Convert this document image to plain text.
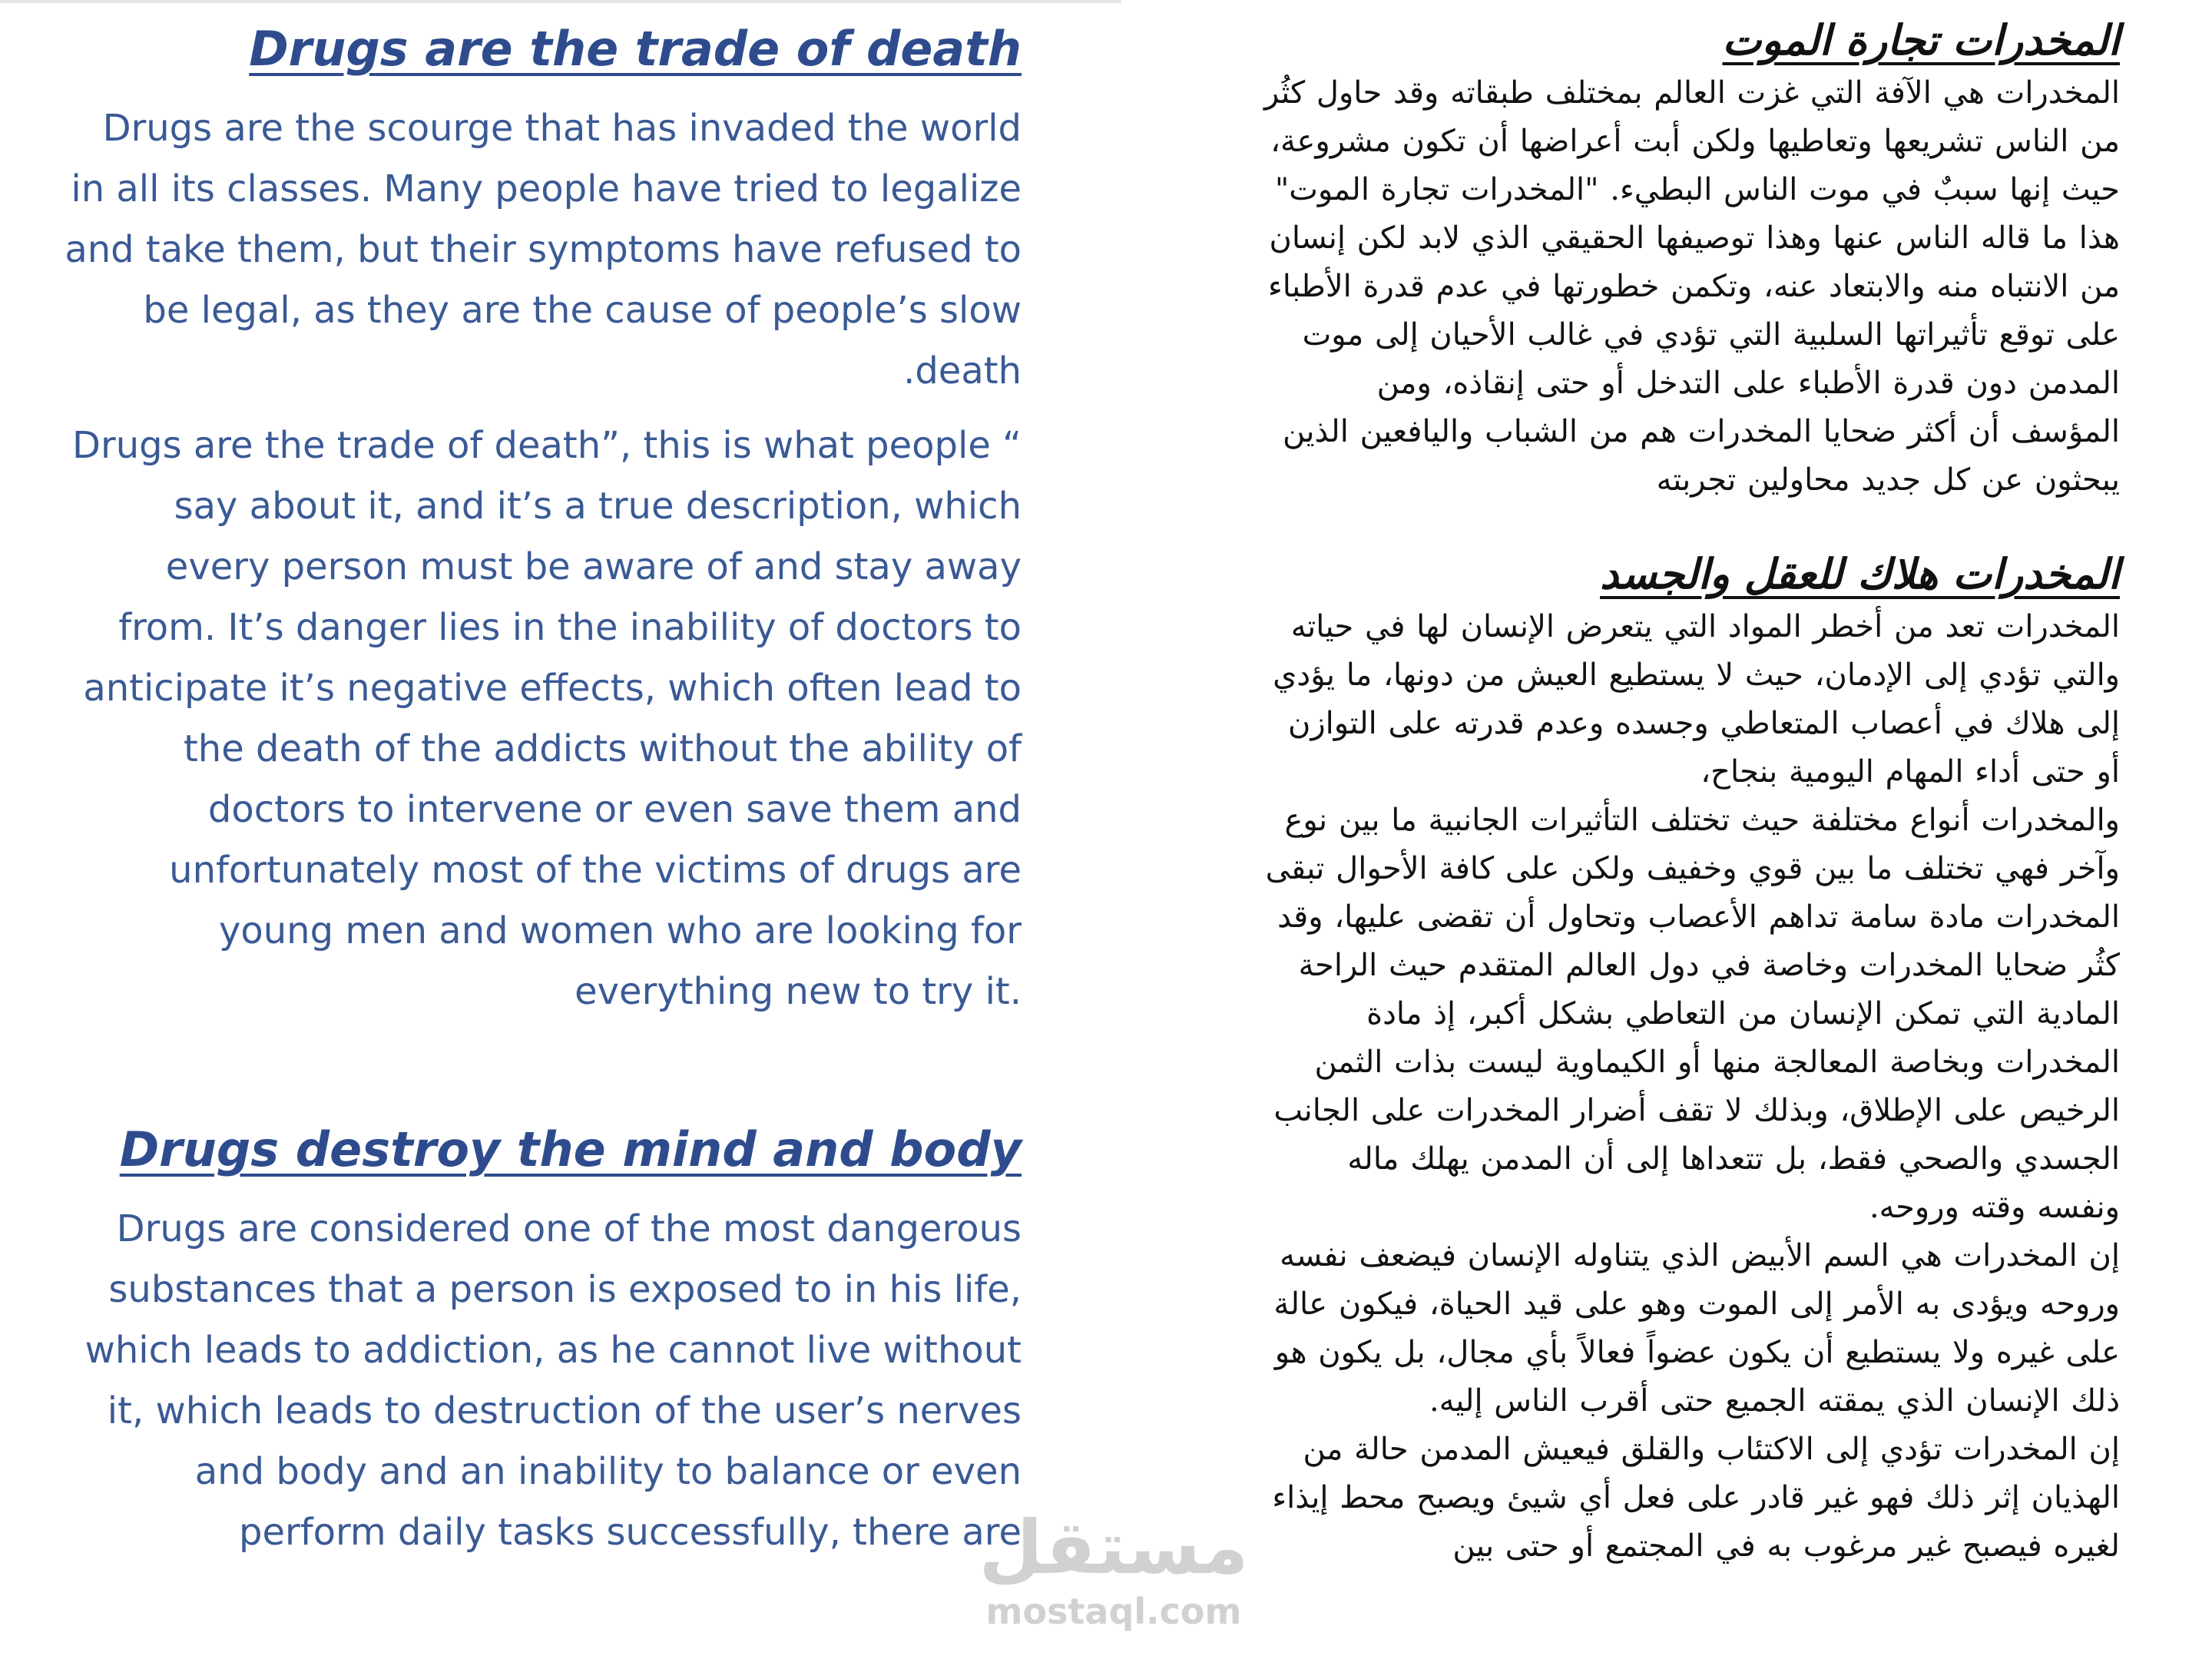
Drugs are the trade of death

Drugs are the scourge that has invaded the world in all its classes. Many people have tried to legalize and take them, but their symptoms have refused to be legal, as they are the cause of people’s slow .death

Drugs are the trade of death”, this is what people “ say about it, and it’s a true description, which every person must be aware of and stay away from. It’s danger lies in the inability of doctors to anticipate it’s negative effects, which often lead to the death of the addicts without the ability of doctors to intervene or even save them and unfortunately most of the victims of drugs are young men and women who are looking for everything new to try it.

Drugs destroy the mind and body

Drugs are considered one of the most dangerous substances that a person is exposed to in his life, which leads to addiction, as he cannot live without it, which leads to destruction of the user’s nerves and body and an inability to balance or even perform daily tasks successfully, there are

المخدرات تجارة الموت

المخدرات هي الآفة التي غزت العالم بمختلف طبقاته وقد حاول كثُر من الناس تشريعها وتعاطيها ولكن أبت أعراضها أن تكون مشروعة، حيث إنها سببٌ في موت الناس البطيء. "المخدرات تجارة الموت" هذا ما قاله الناس عنها وهذا توصيفها الحقيقي الذي لابد لكن إنسان من الانتباه منه والابتعاد عنه، وتكمن خطورتها في عدم قدرة الأطباء على توقع تأثيراتها السلبية التي تؤدي في غالب الأحيان إلى موت المدمن دون قدرة الأطباء على التدخل أو حتى إنقاذه، ومن المؤسف أن أكثر ضحايا المخدرات هم من الشباب واليافعين الذين يبحثون عن كل جديد محاولين تجربته

المخدرات هلاك للعقل والجسد

المخدرات تعد من أخطر المواد التي يتعرض الإنسان لها في حياته والتي تؤدي إلى الإدمان، حيث لا يستطيع العيش من دونها، ما يؤدي إلى هلاك في أعصاب المتعاطي وجسده وعدم قدرته على التوازن أو حتى أداء المهام اليومية بنجاح،

والمخدرات أنواع مختلفة حيث تختلف التأثيرات الجانبية ما بين نوع وآخر فهي تختلف ما بين قوي وخفيف ولكن على كافة الأحوال تبقى المخدرات مادة سامة تداهم الأعصاب وتحاول أن تقضى عليها، وقد كثُر ضحايا المخدرات وخاصة في دول العالم المتقدم حيث الراحة المادية التي تمكن الإنسان من التعاطي بشكل أكبر، إذ مادة المخدرات وبخاصة المعالجة منها أو الكيماوية ليست بذات الثمن الرخيص على الإطلاق، وبذلك لا تقف أضرار المخدرات على الجانب الجسدي والصحي فقط، بل تتعداها إلى أن المدمن يهلك ماله ونفسه وقته وروحه.

إن المخدرات هي السم الأبيض الذي يتناوله الإنسان فيضعف نفسه وروحه ويؤدى به الأمر إلى الموت وهو على قيد الحياة، فيكون عالة على غيره ولا يستطيع أن يكون عضواً فعالاً بأي مجال، بل يكون هو ذلك الإنسان الذي يمقته الجميع حتى أقرب الناس إليه.

إن المخدرات تؤدي إلى الاكتئاب والقلق فيعيش المدمن حالة من الهذيان إثر ذلك فهو غير قادر على فعل أي شيئ ويصبح محط إيذاء لغيره فيصبح غير مرغوب به في المجتمع أو حتى بين

مستقل
mostaql.com
